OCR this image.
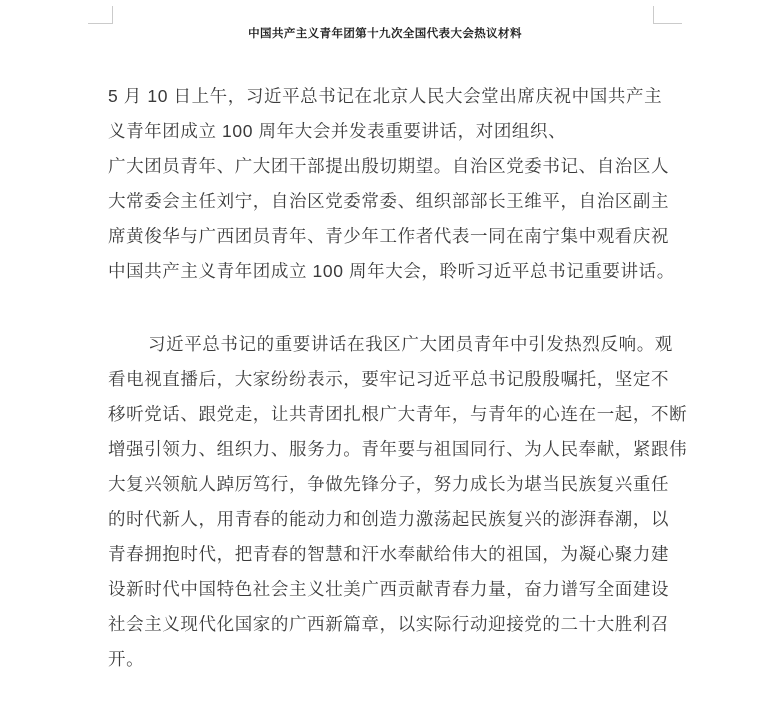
中国共产主义青年团第十九次全国代表大会热议材料
5 月 10 日上午，习近平总书记在北京人民大会堂出席庆祝中国共产主
义青年团成立 100 周年大会并发表重要讲话，对团组织、
广大团员青年、广大团干部提出殷切期望。自治区党委书记、自治区人
大常委会主任刘宁，自治区党委常委、组织部部长王维平，自治区副主
席黄俊华与广西团员青年、青少年工作者代表一同在南宁集中观看庆祝
中国共产主义青年团成立 100 周年大会，聆听习近平总书记重要讲话。
习近平总书记的重要讲话在我区广大团员青年中引发热烈反响。观
看电视直播后，大家纷纷表示，要牢记习近平总书记殷殷嘱托，坚定不
移听党话、跟党走，让共青团扎根广大青年，与青年的心连在一起，不断
增强引领力、组织力、服务力。青年要与祖国同行、为人民奉献，紧跟伟
大复兴领航人踔厉笃行，争做先锋分子，努力成长为堪当民族复兴重任
的时代新人，用青春的能动力和创造力激荡起民族复兴的澎湃春潮，以
青春拥抱时代，把青春的智慧和汗水奉献给伟大的祖国，为凝心聚力建
设新时代中国特色社会主义壮美广西贡献青春力量，奋力谱写全面建设
社会主义现代化国家的广西新篇章，以实际行动迎接党的二十大胜利召
开。
